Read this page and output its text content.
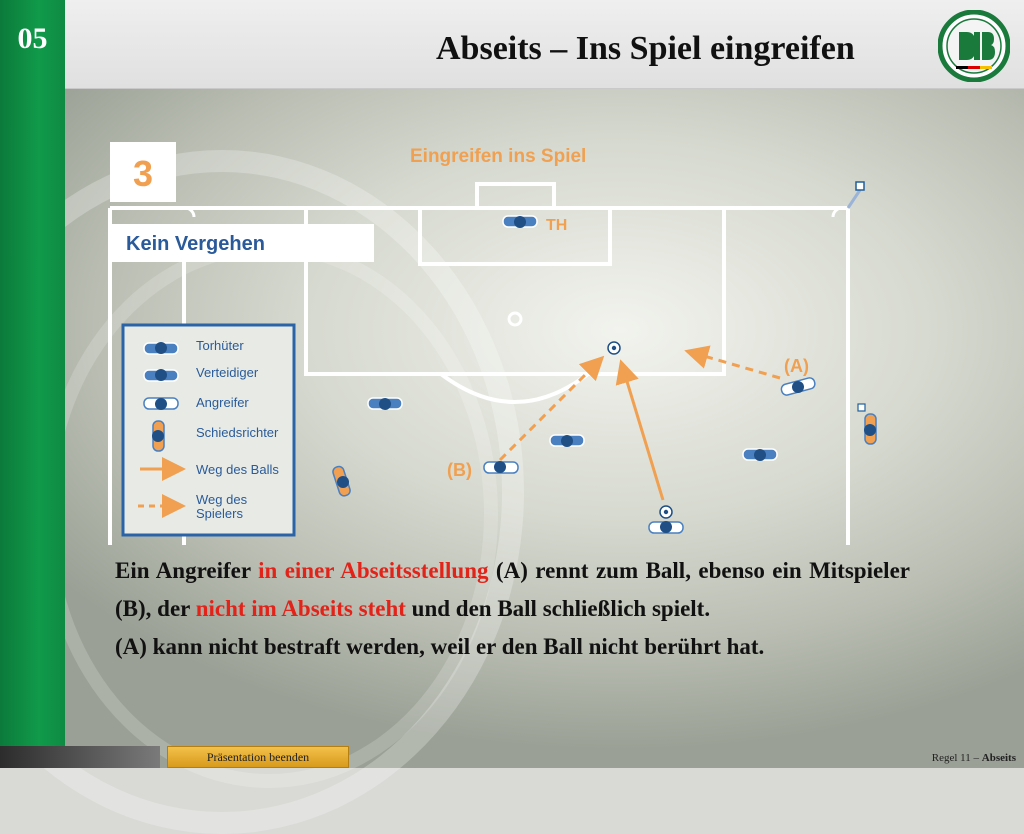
05	Abseits – Ins Spiel eingreifen
3	Eingreifen ins Spiel
Kein Vergehen
Torhüter
Verteidiger
Angreifer
Schiedsrichter
Weg des Balls
Weg des
Spielers
TH
(A)
(B)

Ein Angreifer in einer Abseitsstellung (A) rennt zum Ball, ebenso ein Mitspieler (B), der nicht im Abseits steht und den Ball schließlich spielt.

(A) kann nicht bestraft werden, weil er den Ball nicht berührt hat.

Präsentation beenden	Regel 11 – Abseits
